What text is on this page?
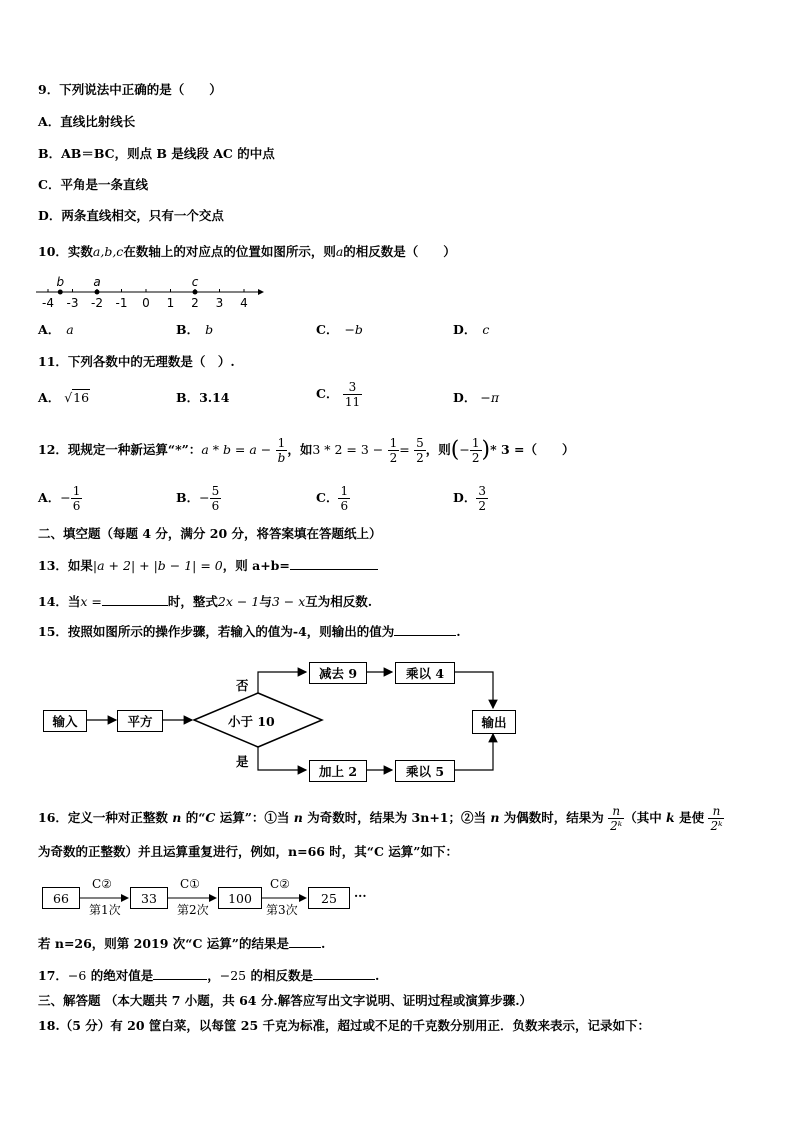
9．下列说法中正确的是（　　）
A．直线比射线长
B．AB＝BC，则点 B 是线段 AC 的中点
C．平角是一条直线
D．两条直线相交，只有一个交点
10．实数a,b,c在数轴上的对应点的位置如图所示，则a的相反数是（　　）
-4 -3 -2 -1 0 1 2 3 4
b a	c
A． a	B． b	C． −b	D． c
11．下列各数中的无理数是（　）.
A． √16	B．3.14	C． $\frac{3}{11}$	D． −π
12．现规定一种新运算“*”：$a * b = a - \frac{1}{b}$ ，如$3 * 2 = 3 - \frac{1}{2} = \frac{5}{2}$ ，则(− $\frac{1}{2}$ )* 3 =（　　）
A．− $\frac{1}{6}$	B．− $\frac{5}{6}$	C． $\frac{1}{6}$	D． $\frac{3}{2}$
二、填空题（每题 4 分，满分 20 分，将答案填在答题纸上）
13．如果|a + 2| + |b − 1| = 0，则 a+b=
14．当x =	时，整式2x − 1与3 − x互为相反数.
15．按照如图所示的操作步骤，若输入的值为-4，则输出的值为	.
输入	平方	小于 10
否
是
减去 9	乘以 4
加上 2	乘以 5
输出
16．定义一种对正整数 n 的“C 运算”：①当 n 为奇数时，结果为 3n+1；②当 n 为偶数时，结果为 $\frac{n}{\text{2ᵏ}}$ （其中 k 是使 $\frac{n}{\text{2ᵏ}}$
为奇数的正整数）并且运算重复进行，例如，n=66 时，其“C 运算”如下：
66	33	100	25
C②	C①	C②
第1次	第2次	第3次
···
若 n=26，则第 2019 次“C 运算”的结果是	.
17．−6 的绝对值是	，−25 的相反数是	.
三、解答题 （本大题共 7 小题，共 64 分.解答应写出文字说明、证明过程或演算步骤.）
18.（5 分）有 20 筐白菜，以每筐 25 千克为标准，超过或不足的千克数分别用正．负数来表示，记录如下：
